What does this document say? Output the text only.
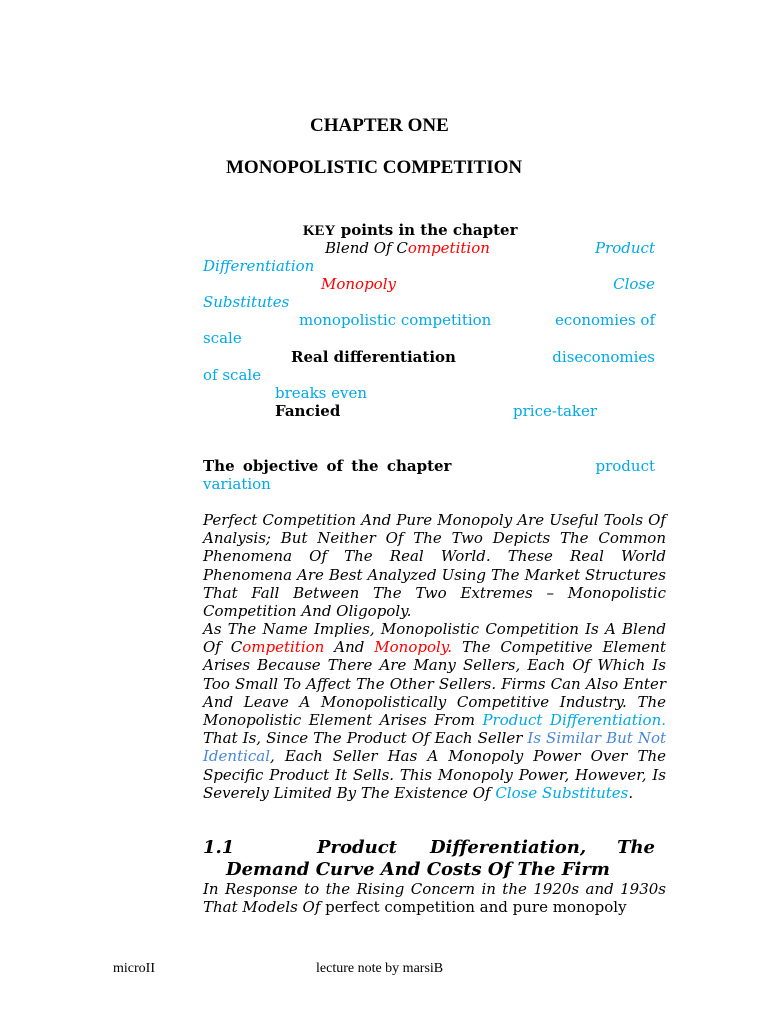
CHAPTER ONE
MONOPOLISTIC COMPETITION
KEY points in the chapter
Blend Of Competition	Product
Differentiation
Monopoly	Close
Substitutes
monopolistic competition	economies of
scale
Real differentiation	diseconomies
of scale
breaks even
Fancied	price-taker
The objective of the chapter	product
variation
Perfect Competition And Pure Monopoly Are Useful Tools Of Analysis; But Neither Of The Two Depicts The Common Phenomena Of The Real World. These Real World Phenomena Are Best Analyzed Using The Market Structures That Fall Between The Two Extremes – Monopolistic Competition And Oligopoly.
As The Name Implies, Monopolistic Competition Is A Blend Of Competition And Monopoly. The Competitive Element Arises Because There Are Many Sellers, Each Of Which Is Too Small To Affect The Other Sellers. Firms Can Also Enter And Leave A Monopolistically Competitive Industry. The Monopolistic Element Arises From Product Differentiation. That Is, Since The Product Of Each Seller Is Similar But Not Identical, Each Seller Has A Monopoly Power Over The Specific Product It Sells. This Monopoly Power, However, Is Severely Limited By The Existence Of Close Substitutes.
1.1	Product Differentiation, The
Demand Curve And Costs Of The Firm
In Response to the Rising Concern in the 1920s and 1930s That Models Of perfect competition and pure monopoly
microII	lecture note by marsiB
